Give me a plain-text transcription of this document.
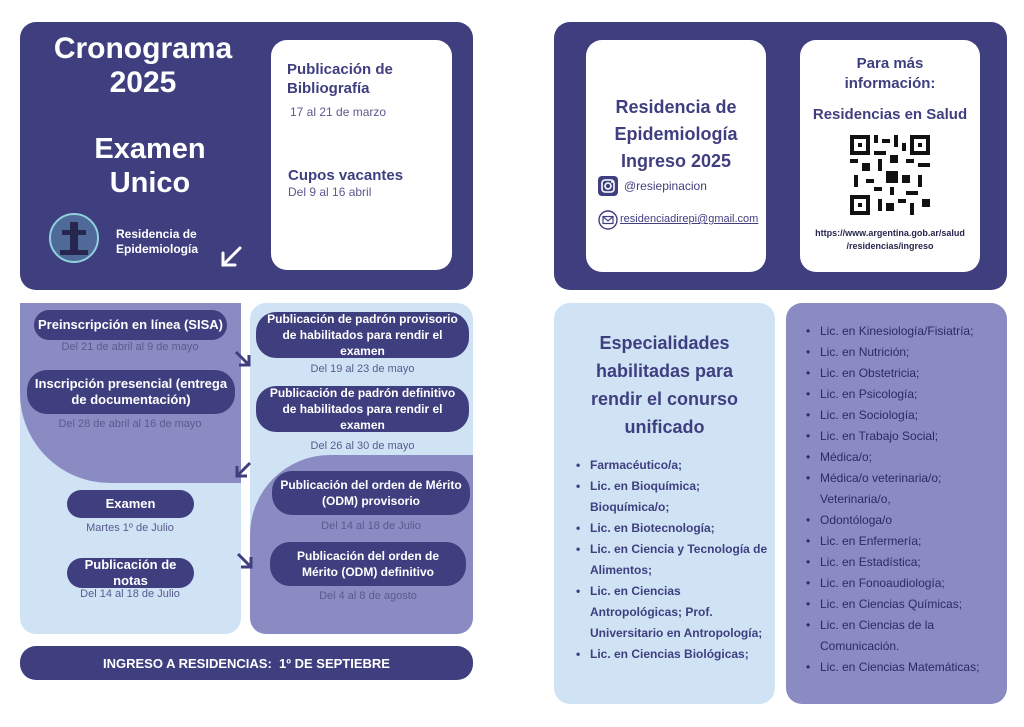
Cronograma 2025
Examen Unico
Residencia de Epidemiología
Publicación de Bibliografía
17 al 21 de marzo
Cupos vacantes
Del 9 al 16 abril
Preinscripción en línea (SISA)
Del 21 de abril al 9 de mayo
Inscripción presencial (entrega de documentación)
Del 28 de abril al 16 de mayo
Publicación de padrón provisorio de habilitados para rendir el examen
Del 19 al 23 de mayo
Publicación de padrón definitivo de habilitados para rendir el examen
Del 26 al 30 de mayo
Examen
Martes 1º de Julio
Publicación del orden de Mérito (ODM) provisorio
Del 14 al 18 de Julio
Publicación de notas
Del 14 al 18 de Julio
Publicación del orden de Mérito (ODM) definitivo
Del 4 al 8 de agosto
INGRESO A RESIDENCIAS:  1º DE SEPTIEBRE
Residencia de Epidemiología Ingreso 2025
@resiepinacion
residenciadirepi@gmail.com
Para más información:
Residencias en Salud
https://www.argentina.gob.ar/salud
/residencias/ingreso
Especialidades habilitadas para rendir el conurso unificado
• Farmacéutico/a;
• Lic. en Bioquímica; Bioquímica/o;
• Lic. en Biotecnología;
• Lic. en Ciencia y Tecnología de Alimentos;
• Lic. en Ciencias Antropológicas; Prof. Universitario en Antropología;
• Lic. en Ciencias Biológicas;
• Lic. en Kinesiología/Fisiatría;
• Lic. en Nutrición;
• Lic. en Obstetricia;
• Lic. en Psicología;
• Lic. en Sociología;
• Lic. en Trabajo Social;
• Médica/o;
• Médica/o veterinaria/o; Veterinaria/o,
• Odontóloga/o
• Lic. en Enfermería;
• Lic. en Estadística;
• Lic. en Fonoaudiología;
• Lic. en Ciencias Químicas;
• Lic. en Ciencias de la Comunicación.
• Lic. en Ciencias Matemáticas;
